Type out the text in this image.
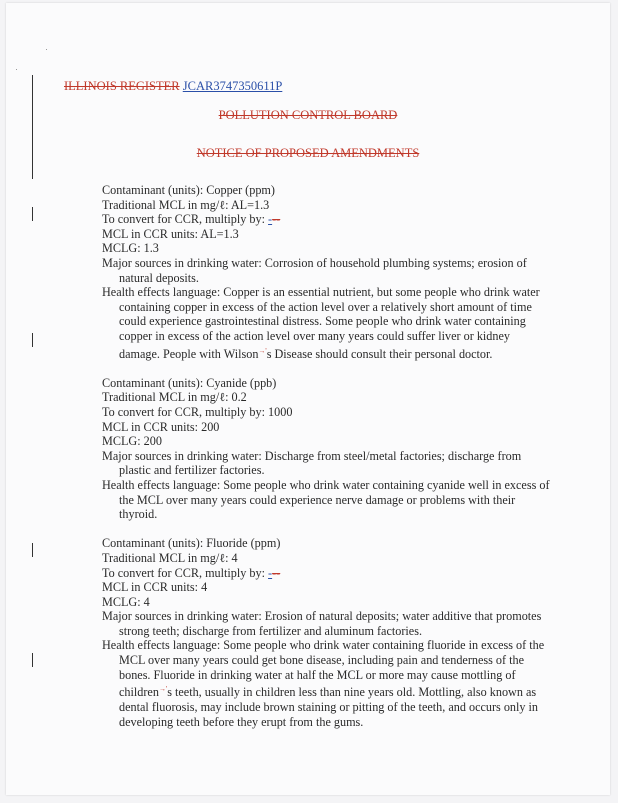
ILLINOIS REGISTER JCAR3747350611P
POLLUTION CONTROL BOARD
NOTICE OF PROPOSED AMENDMENTS
Contaminant (units): Copper (ppm)
Traditional MCL in mg/ℓ: AL=1.3
To convert for CCR, multiply by: ---
MCL in CCR units: AL=1.3
MCLG: 1.3
Major sources in drinking water: Corrosion of household plumbing systems; erosion of natural deposits.
Health effects language: Copper is an essential nutrient, but some people who drink water containing copper in excess of the action level over a relatively short amount of time could experience gastrointestinal distress. Some people who drink water containing copper in excess of the action level over many years could suffer liver or kidney damage. People with Wilson→'s Disease should consult their personal doctor.
Contaminant (units): Cyanide (ppb)
Traditional MCL in mg/ℓ: 0.2
To convert for CCR, multiply by: 1000
MCL in CCR units: 200
MCLG: 200
Major sources in drinking water: Discharge from steel/metal factories; discharge from plastic and fertilizer factories.
Health effects language: Some people who drink water containing cyanide well in excess of the MCL over many years could experience nerve damage or problems with their thyroid.
Contaminant (units): Fluoride (ppm)
Traditional MCL in mg/ℓ: 4
To convert for CCR, multiply by: ---
MCL in CCR units: 4
MCLG: 4
Major sources in drinking water: Erosion of natural deposits; water additive that promotes strong teeth; discharge from fertilizer and aluminum factories.
Health effects language: Some people who drink water containing fluoride in excess of the MCL over many years could get bone disease, including pain and tenderness of the bones. Fluoride in drinking water at half the MCL or more may cause mottling of children→'s teeth, usually in children less than nine years old. Mottling, also known as dental fluorosis, may include brown staining or pitting of the teeth, and occurs only in developing teeth before they erupt from the gums.
